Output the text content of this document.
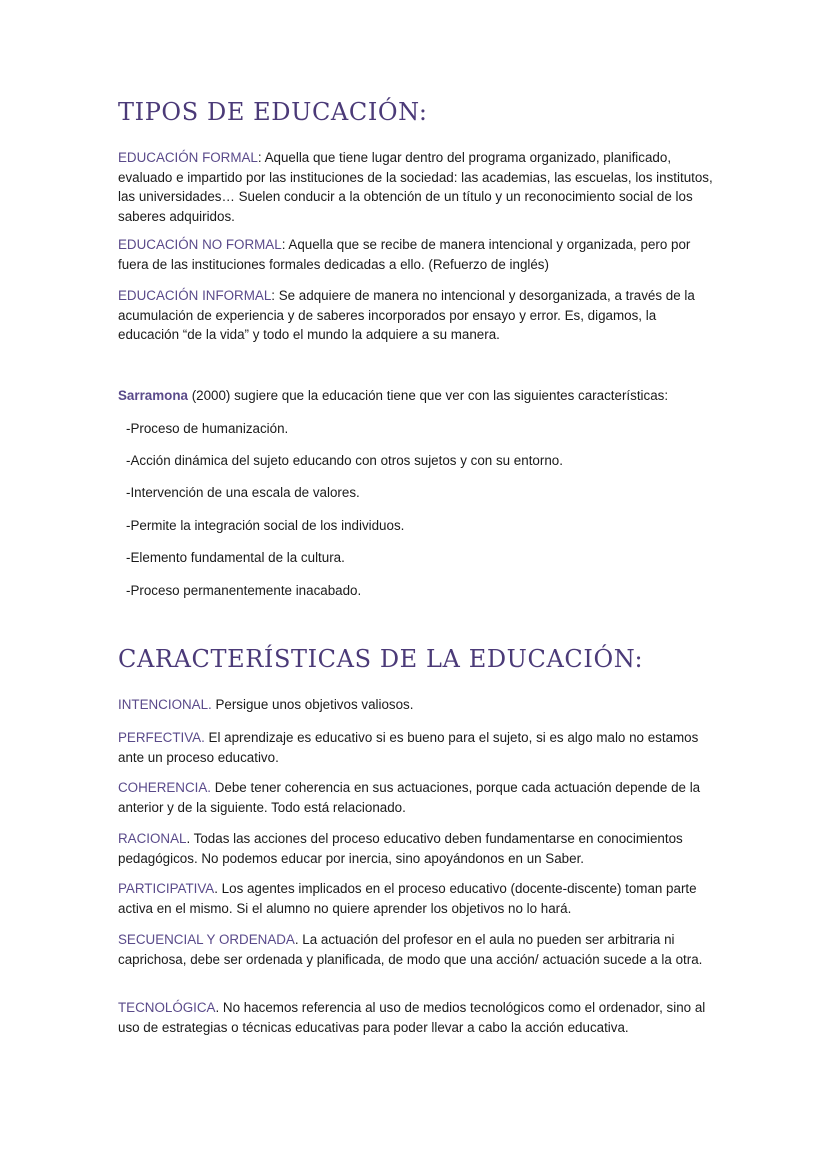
TIPOS DE EDUCACIÓN:

EDUCACIÓN FORMAL: Aquella que tiene lugar dentro del programa organizado, planificado, evaluado e impartido por las instituciones de la sociedad: las academias, las escuelas, los institutos, las universidades… Suelen conducir a la obtención de un título y un reconocimiento social de los saberes adquiridos.

EDUCACIÓN NO FORMAL: Aquella que se recibe de manera intencional y organizada, pero por fuera de las instituciones formales dedicadas a ello. (Refuerzo de inglés)

EDUCACIÓN INFORMAL: Se adquiere de manera no intencional y desorganizada, a través de la acumulación de experiencia y de saberes incorporados por ensayo y error. Es, digamos, la educación “de la vida” y todo el mundo la adquiere a su manera.

Sarramona (2000) sugiere que la educación tiene que ver con las siguientes características:

-Proceso de humanización.

-Acción dinámica del sujeto educando con otros sujetos y con su entorno.

-Intervención de una escala de valores.

-Permite la integración social de los individuos.

-Elemento fundamental de la cultura.

-Proceso permanentemente inacabado.

CARACTERÍSTICAS DE LA EDUCACIÓN:

INTENCIONAL. Persigue unos objetivos valiosos.

PERFECTIVA. El aprendizaje es educativo si es bueno para el sujeto, si es algo malo no estamos ante un proceso educativo.

COHERENCIA. Debe tener coherencia en sus actuaciones, porque cada actuación depende de la anterior y de la siguiente. Todo está relacionado.

RACIONAL. Todas las acciones del proceso educativo deben fundamentarse en conocimientos pedagógicos. No podemos educar por inercia, sino apoyándonos en un Saber.

PARTICIPATIVA. Los agentes implicados en el proceso educativo (docente-discente) toman parte activa en el mismo. Si el alumno no quiere aprender los objetivos no lo hará.

SECUENCIAL Y ORDENADA. La actuación del profesor en el aula no pueden ser arbitraria ni caprichosa, debe ser ordenada y planificada, de modo que una acción/ actuación sucede a la otra.

TECNOLÓGICA. No hacemos referencia al uso de medios tecnológicos como el ordenador, sino al uso de estrategias o técnicas educativas para poder llevar a cabo la acción educativa.
